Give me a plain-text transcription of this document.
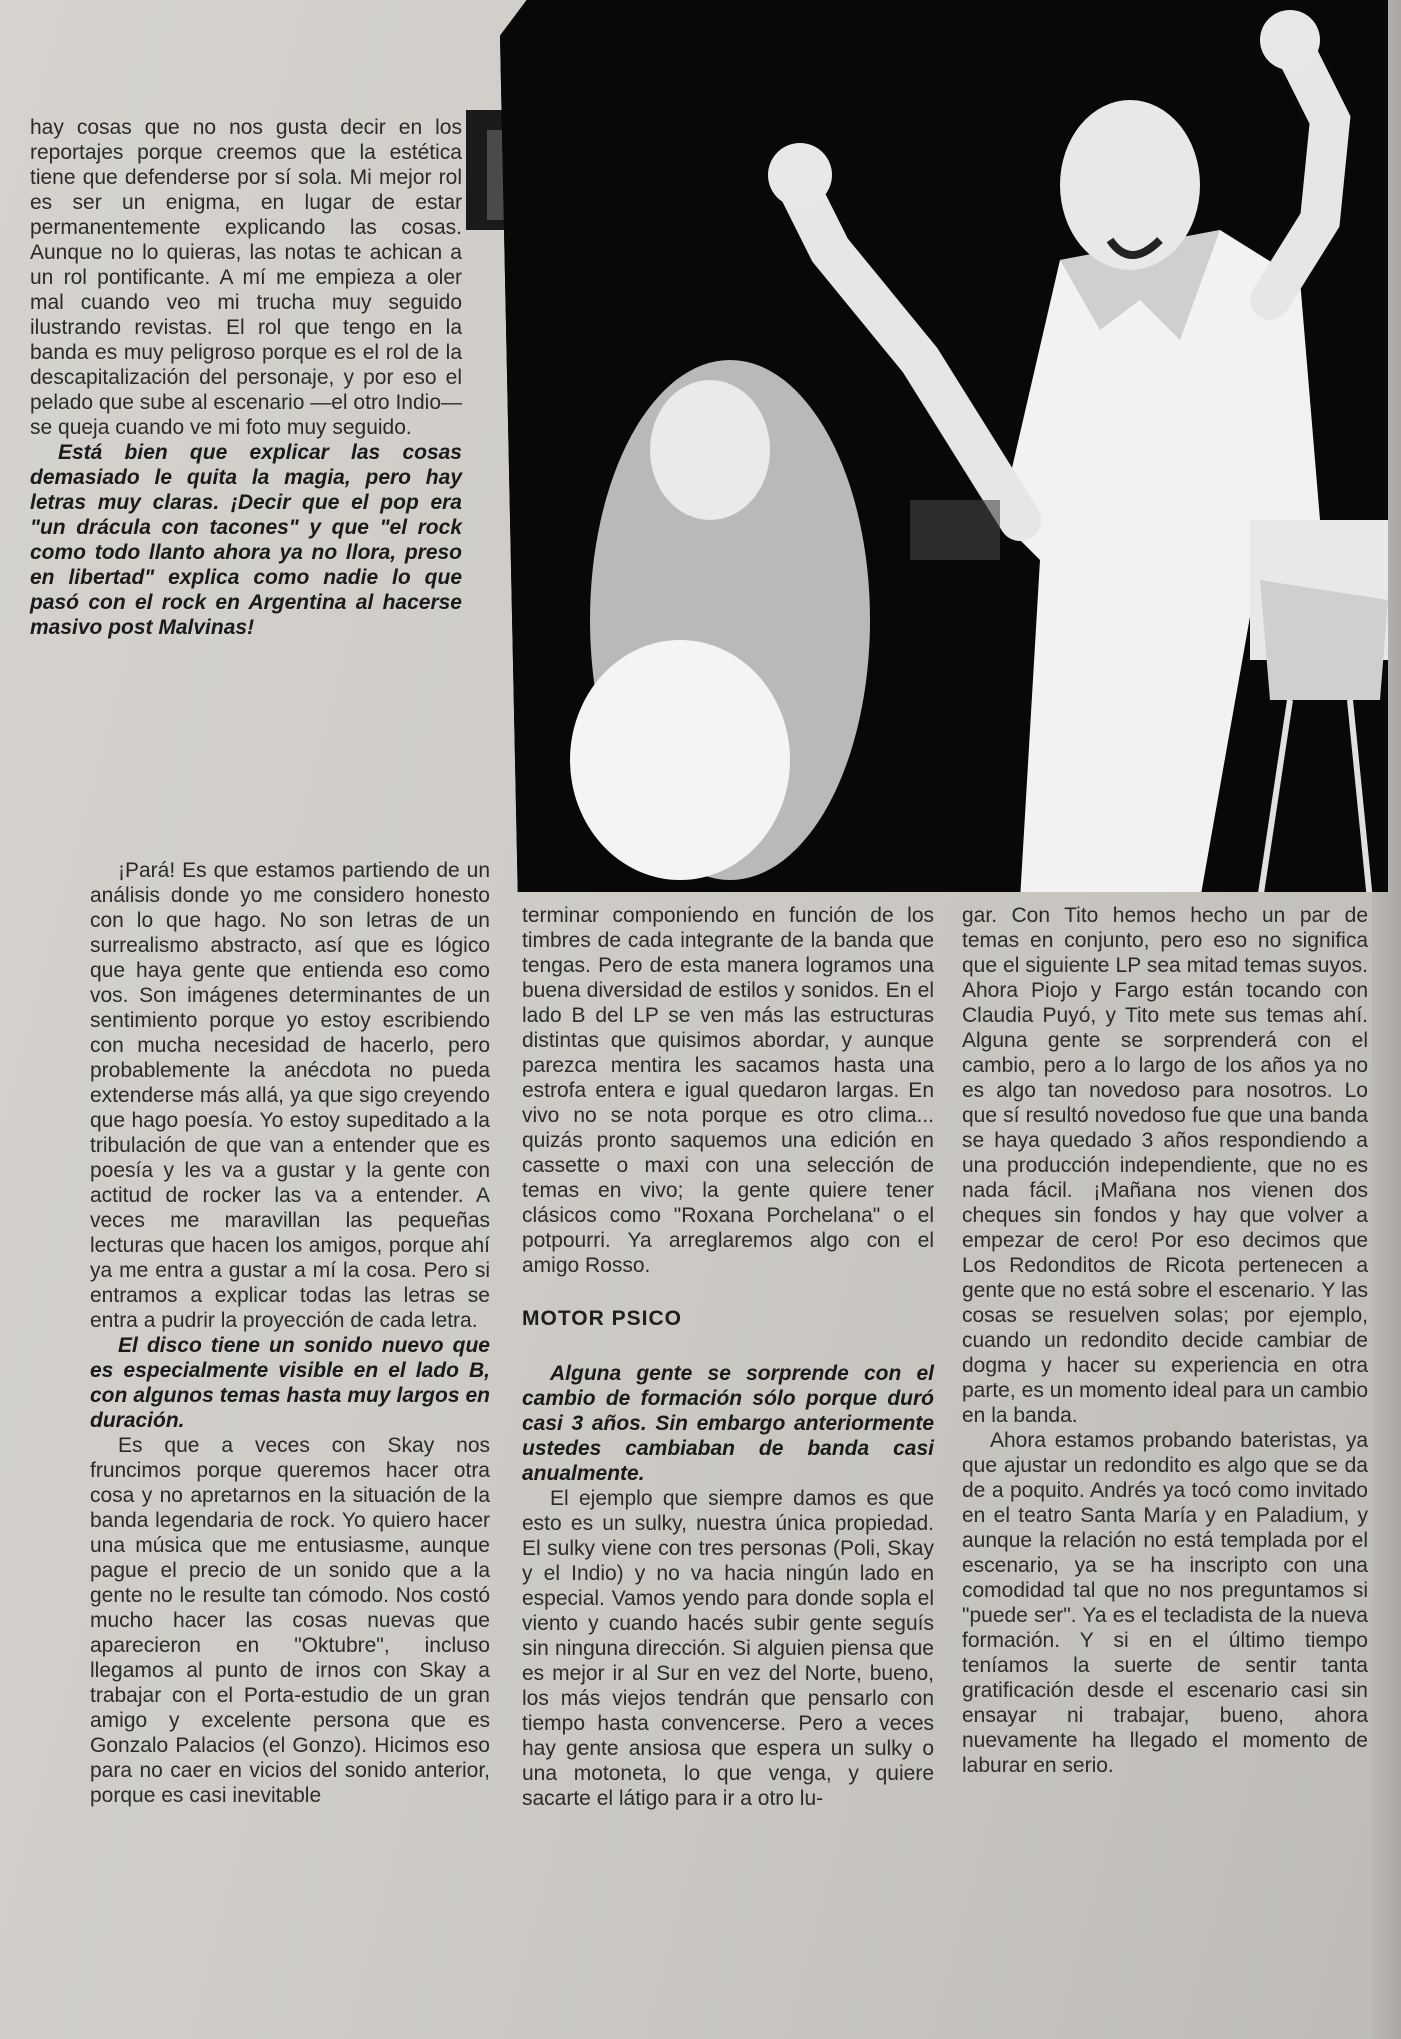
hay cosas que no nos gusta decir en los reportajes porque creemos que la estética tiene que defenderse por sí sola. Mi mejor rol es ser un enigma, en lugar de estar permanentemente explicando las cosas. Aunque no lo quieras, las notas te achican a un rol pontificante. A mí me empieza a oler mal cuando veo mi trucha muy seguido ilustrando revistas. El rol que tengo en la banda es muy peligroso porque es el rol de la descapitalización del personaje, y por eso el pelado que sube al escenario —el otro Indio— se queja cuando ve mi foto muy seguido.

Está bien que explicar las cosas demasiado le quita la magia, pero hay letras muy claras. ¡Decir que el pop era "un drácula con tacones" y que "el rock como todo llanto ahora ya no llora, preso en libertad" explica como nadie lo que pasó con el rock en Argentina al hacerse masivo post Malvinas!

¡Pará! Es que estamos partiendo de un análisis donde yo me considero honesto con lo que hago. No son letras de un surrealismo abstracto, así que es lógico que haya gente que entienda eso como vos. Son imágenes determinantes de un sentimiento porque yo estoy escribiendo con mucha necesidad de hacerlo, pero probablemente la anécdota no pueda extenderse más allá, ya que sigo creyendo que hago poesía. Yo estoy supeditado a la tribulación de que van a entender que es poesía y les va a gustar y la gente con actitud de rocker las va a entender. A veces me maravillan las pequeñas lecturas que hacen los amigos, porque ahí ya me entra a gustar a mí la cosa. Pero si entramos a explicar todas las letras se entra a pudrir la proyección de cada letra.

El disco tiene un sonido nuevo que es especialmente visible en el lado B, con algunos temas hasta muy largos en duración.

Es que a veces con Skay nos fruncimos porque queremos hacer otra cosa y no apretarnos en la situación de la banda legendaria de rock. Yo quiero hacer una música que me entusiasme, aunque pague el precio de un sonido que a la gente no le resulte tan cómodo. Nos costó mucho hacer las cosas nuevas que aparecieron en "Oktubre", incluso llegamos al punto de irnos con Skay a trabajar con el Porta-estudio de un gran amigo y excelente persona que es Gonzalo Palacios (el Gonzo). Hicimos eso para no caer en vicios del sonido anterior, porque es casi inevitable

terminar componiendo en función de los timbres de cada integrante de la banda que tengas. Pero de esta manera logramos una buena diversidad de estilos y sonidos. En el lado B del LP se ven más las estructuras distintas que quisimos abordar, y aunque parezca mentira les sacamos hasta una estrofa entera e igual quedaron largas. En vivo no se nota porque es otro clima... quizás pronto saquemos una edición en cassette o maxi con una selección de temas en vivo; la gente quiere tener clásicos como "Roxana Porchelana" o el potpourri. Ya arreglaremos algo con el amigo Rosso.

MOTOR PSICO

Alguna gente se sorprende con el cambio de formación sólo porque duró casi 3 años. Sin embargo anteriormente ustedes cambiaban de banda casi anualmente.

El ejemplo que siempre damos es que esto es un sulky, nuestra única propiedad. El sulky viene con tres personas (Poli, Skay y el Indio) y no va hacia ningún lado en especial. Vamos yendo para donde sopla el viento y cuando hacés subir gente seguís sin ninguna dirección. Si alguien piensa que es mejor ir al Sur en vez del Norte, bueno, los más viejos tendrán que pensarlo con tiempo hasta convencerse. Pero a veces hay gente ansiosa que espera un sulky o una motoneta, lo que venga, y quiere sacarte el látigo para ir a otro lu-

gar. Con Tito hemos hecho un par de temas en conjunto, pero eso no significa que el siguiente LP sea mitad temas suyos. Ahora Piojo y Fargo están tocando con Claudia Puyó, y Tito mete sus temas ahí. Alguna gente se sorprenderá con el cambio, pero a lo largo de los años ya no es algo tan novedoso para nosotros. Lo que sí resultó novedoso fue que una banda se haya quedado 3 años respondiendo a una producción independiente, que no es nada fácil. ¡Mañana nos vienen dos cheques sin fondos y hay que volver a empezar de cero! Por eso decimos que Los Redonditos de Ricota pertenecen a gente que no está sobre el escenario. Y las cosas se resuelven solas; por ejemplo, cuando un redondito decide cambiar de dogma y hacer su experiencia en otra parte, es un momento ideal para un cambio en la banda.

Ahora estamos probando bateristas, ya que ajustar un redondito es algo que se da de a poquito. Andrés ya tocó como invitado en el teatro Santa María y en Paladium, y aunque la relación no está templada por el escenario, ya se ha inscripto con una comodidad tal que no nos preguntamos si "puede ser". Ya es el tecladista de la nueva formación. Y si en el último tiempo teníamos la suerte de sentir tanta gratificación desde el escenario casi sin ensayar ni trabajar, bueno, ahora nuevamente ha llegado el momento de laburar en serio.
